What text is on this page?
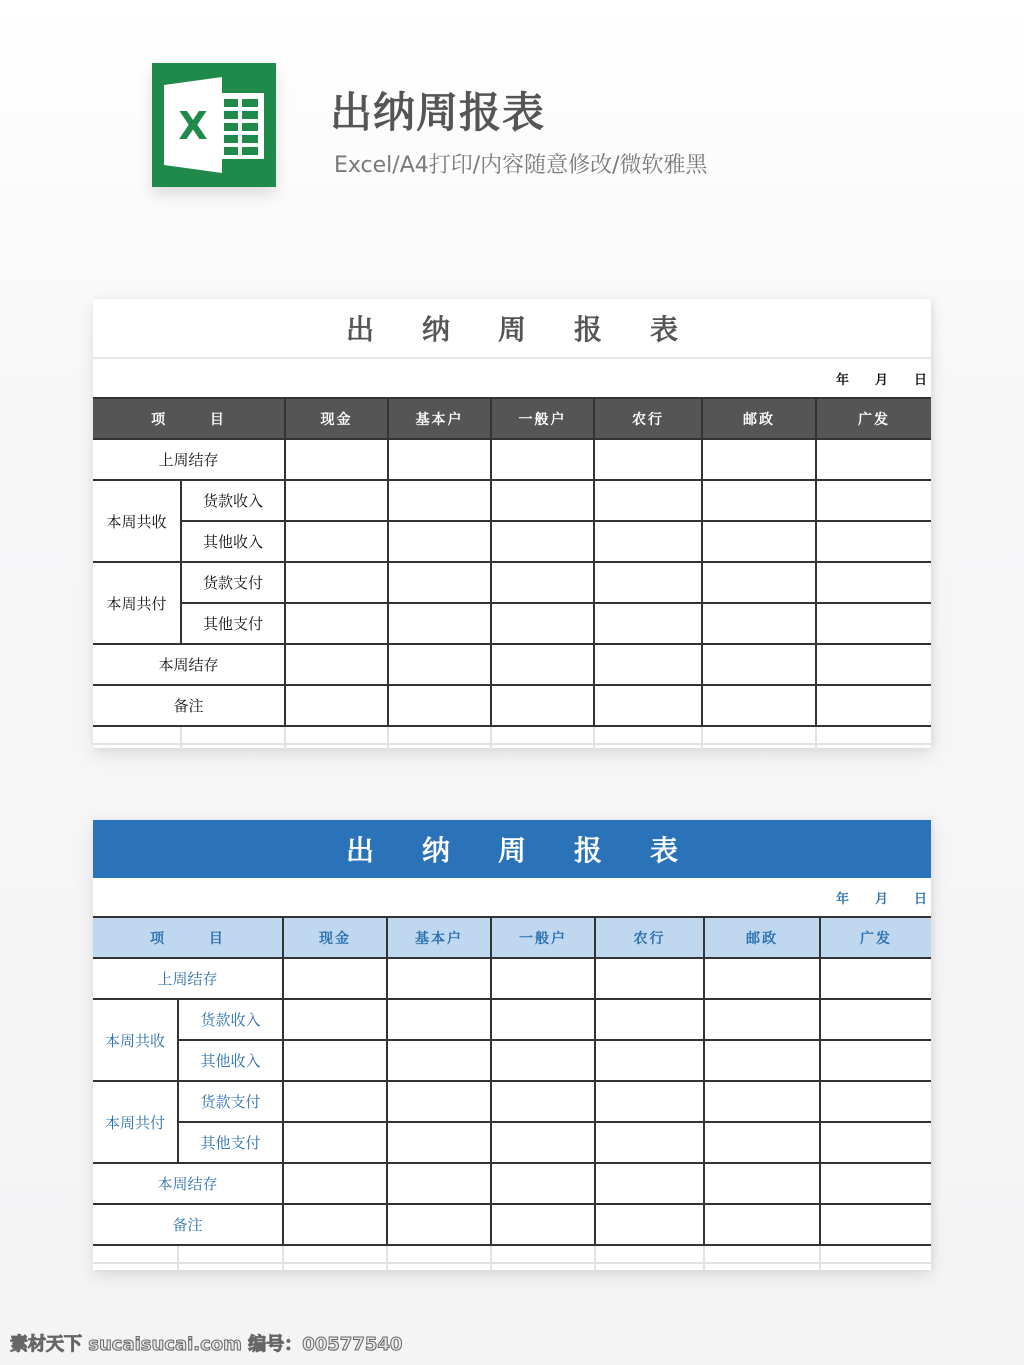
X	出纳周报表
Excel/A4打印/内容随意修改/微软雅黑
出 纳 周 报 表
年 月 日
项 目		现金	基本户	一般户	农行	邮政	广发
上周结存							
本周共收	货款收入						
	其他收入						
本周共付	货款支付						
	其他支付						
本周结存							
备注							
出 纳 周 报 表
年 月 日
项 目		现金	基本户	一般户	农行	邮政	广发
上周结存							
本周共收	货款收入						
	其他收入						
本周共付	货款支付						
	其他支付						
本周结存							
备注							
素材天下 sucaisucai.com 编号：00577540
